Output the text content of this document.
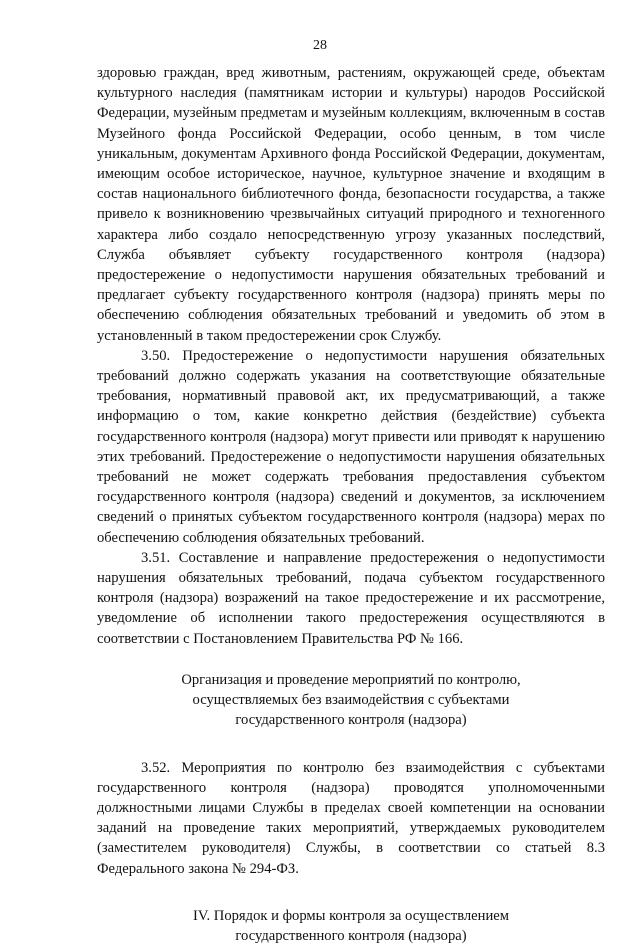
28

здоровью граждан, вред животным, растениям, окружающей среде, объектам культурного наследия (памятникам истории и культуры) народов Российской Федерации, музейным предметам и музейным коллекциям, включенным в состав Музейного фонда Российской Федерации, особо ценным, в том числе уникальным, документам Архивного фонда Российской Федерации, документам, имеющим особое историческое, научное, культурное значение и входящим в состав национального библиотечного фонда, безопасности государства, а также привело к возникновению чрезвычайных ситуаций природного и техногенного характера либо создало непосредственную угрозу указанных последствий, Служба объявляет субъекту государственного контроля (надзора) предостережение о недопустимости нарушения обязательных требований и предлагает субъекту государственного контроля (надзора) принять меры по обеспечению соблюдения обязательных требований и уведомить об этом в установленный в таком предостережении срок Службу.

3.50. Предостережение о недопустимости нарушения обязательных требований должно содержать указания на соответствующие обязательные требования, нормативный правовой акт, их предусматривающий, а также информацию о том, какие конкретно действия (бездействие) субъекта государственного контроля (надзора) могут привести или приводят к нарушению этих требований. Предостережение о недопустимости нарушения обязательных требований не может содержать требования предоставления субъектом государственного контроля (надзора) сведений и документов, за исключением сведений о принятых субъектом государственного контроля (надзора) мерах по обеспечению соблюдения обязательных требований.

3.51. Составление и направление предостережения о недопустимости нарушения обязательных требований, подача субъектом государственного контроля (надзора) возражений на такое предостережение и их рассмотрение, уведомление об исполнении такого предостережения осуществляются в соответствии с Постановлением Правительства РФ № 166.

Организация и проведение мероприятий по контролю,
осуществляемых без взаимодействия с субъектами
государственного контроля (надзора)

3.52. Мероприятия по контролю без взаимодействия с субъектами государственного контроля (надзора) проводятся уполномоченными должностными лицами Службы в пределах своей компетенции на основании заданий на проведение таких мероприятий, утверждаемых руководителем (заместителем руководителя) Службы, в соответствии со статьей 8.3 Федерального закона № 294-ФЗ.

IV. Порядок и формы контроля за осуществлением
государственного контроля (надзора)
